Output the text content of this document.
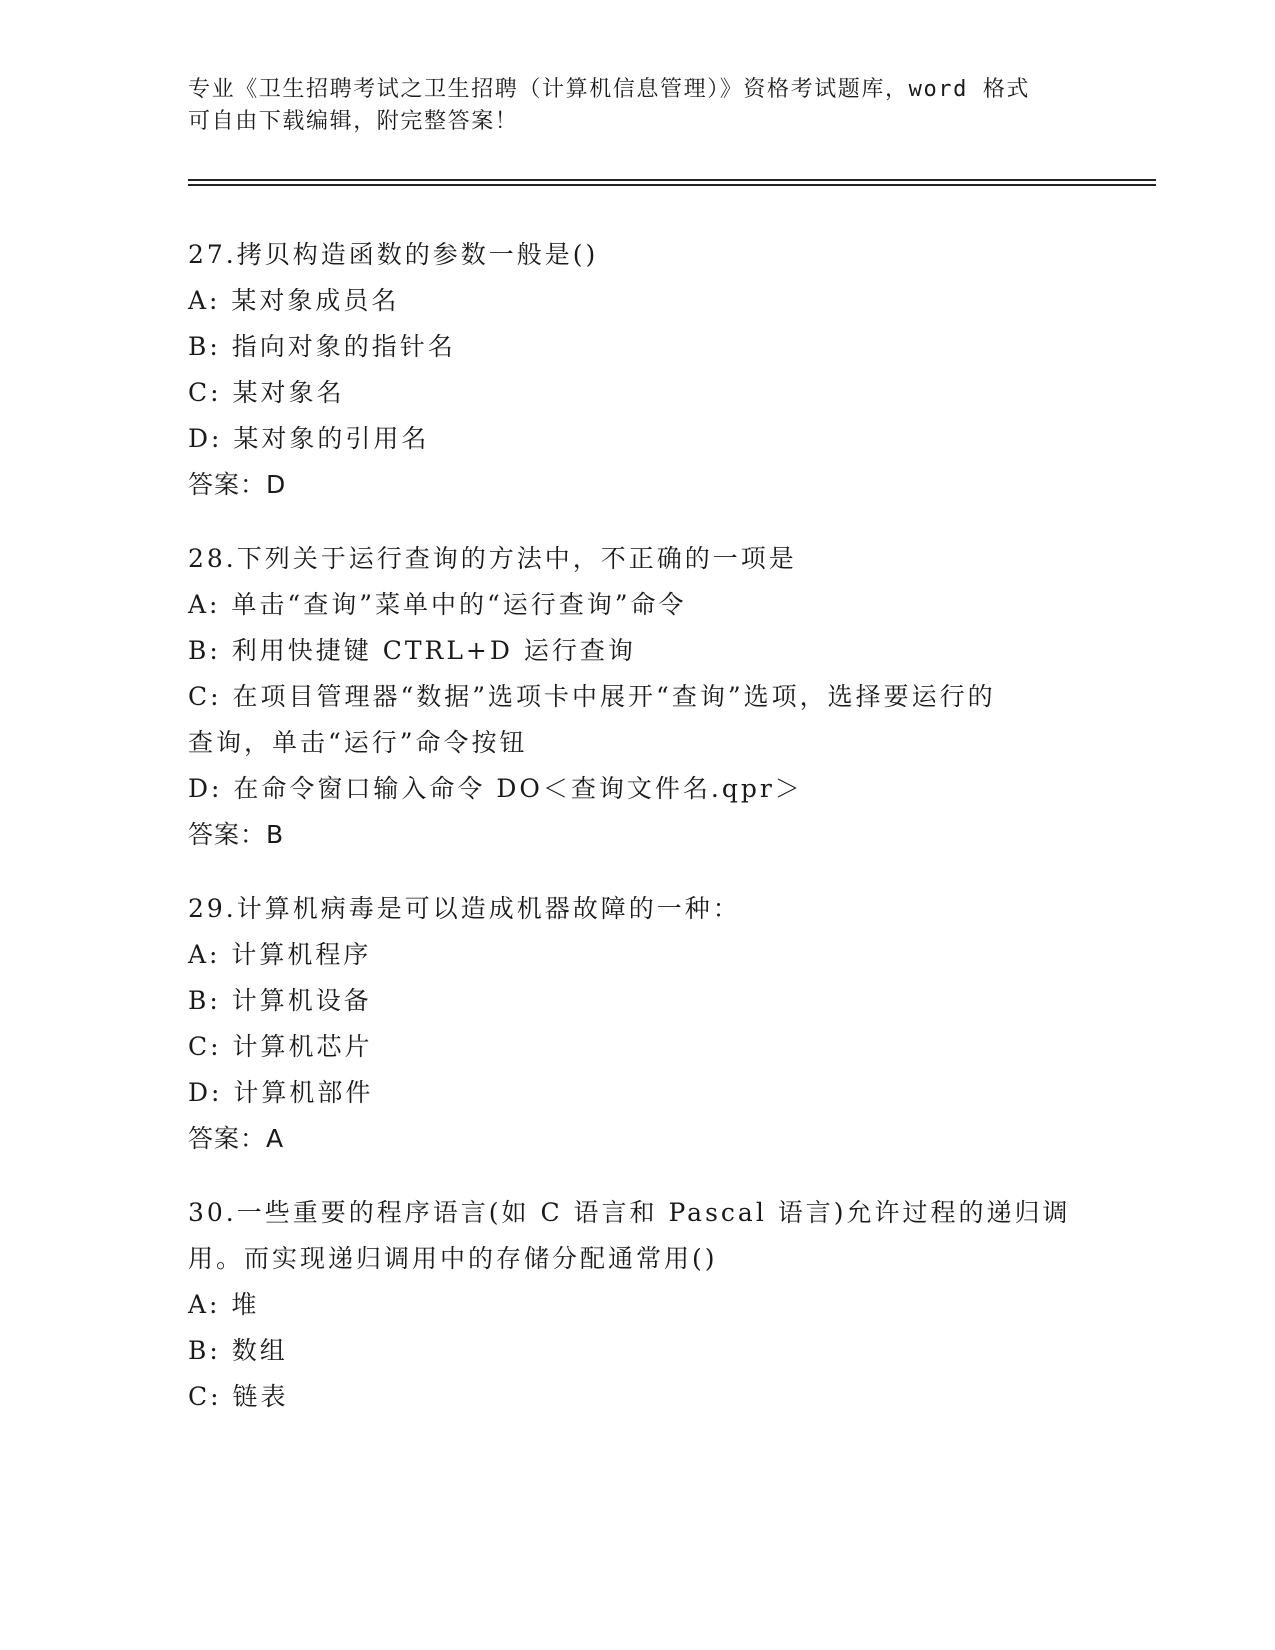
专业《卫生招聘考试之卫生招聘（计算机信息管理）》资格考试题库，word 格式
可自由下载编辑，附完整答案！
27.拷贝构造函数的参数一般是()
A: 某对象成员名
B: 指向对象的指针名
C: 某对象名
D: 某对象的引用名
答案：D
28.下列关于运行查询的方法中，不正确的一项是
A: 单击“查询”菜单中的“运行查询”命令
B: 利用快捷键 CTRL+D 运行查询
C: 在项目管理器“数据”选项卡中展开“查询”选项，选择要运行的
查询，单击“运行”命令按钮
D: 在命令窗口输入命令 DO＜查询文件名.qpr＞
答案：B
29.计算机病毒是可以造成机器故障的一种：
A: 计算机程序
B: 计算机设备
C: 计算机芯片
D: 计算机部件
答案：A
30.一些重要的程序语言(如 C 语言和 Pascal 语言)允许过程的递归调
用。而实现递归调用中的存储分配通常用()
A: 堆
B: 数组
C: 链表
